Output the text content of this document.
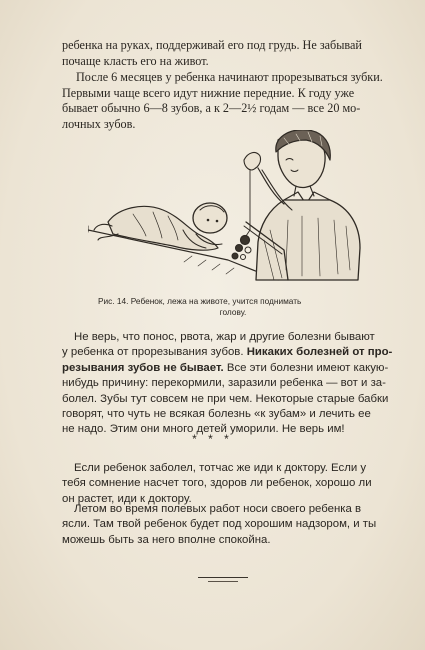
ребенка на руках, поддерживай его под грудь. Не забывай
почаще класть его на живот.

После 6 месяцев у ребенка начинают прорезываться зубки.
Первыми чаще всего идут нижние передние. К году уже
бывает обычно 6—8 зубов, а к 2—2½ годам — все 20 мо-
лочных зубов.

Рис. 14. Ребенок, лежа на животе, учится поднимать
голову.

Не верь, что понос, рвота, жар и другие болезни бывают
у ребенка от прорезывания зубов. Никаких болезней от про-
резывания зубов не бывает. Все эти болезни имеют какую-
нибудь причину: перекормили, заразили ребенка — вот и за-
болел. Зубы тут совсем не при чем. Некоторые старые бабки
говорят, что чуть не всякая болезнь «к зубам» и лечить ее
не надо. Этим они много детей уморили. Не верь им!

* * *

Если ребенок заболел, тотчас же иди к доктору. Если у
тебя сомнение насчет того, здоров ли ребенок, хорошо ли
он растет, иди к доктору.

Летом во время полевых работ носи своего ребенка в
ясли. Там твой ребенок будет под хорошим надзором, и ты
можешь быть за него вполне спокойна.
